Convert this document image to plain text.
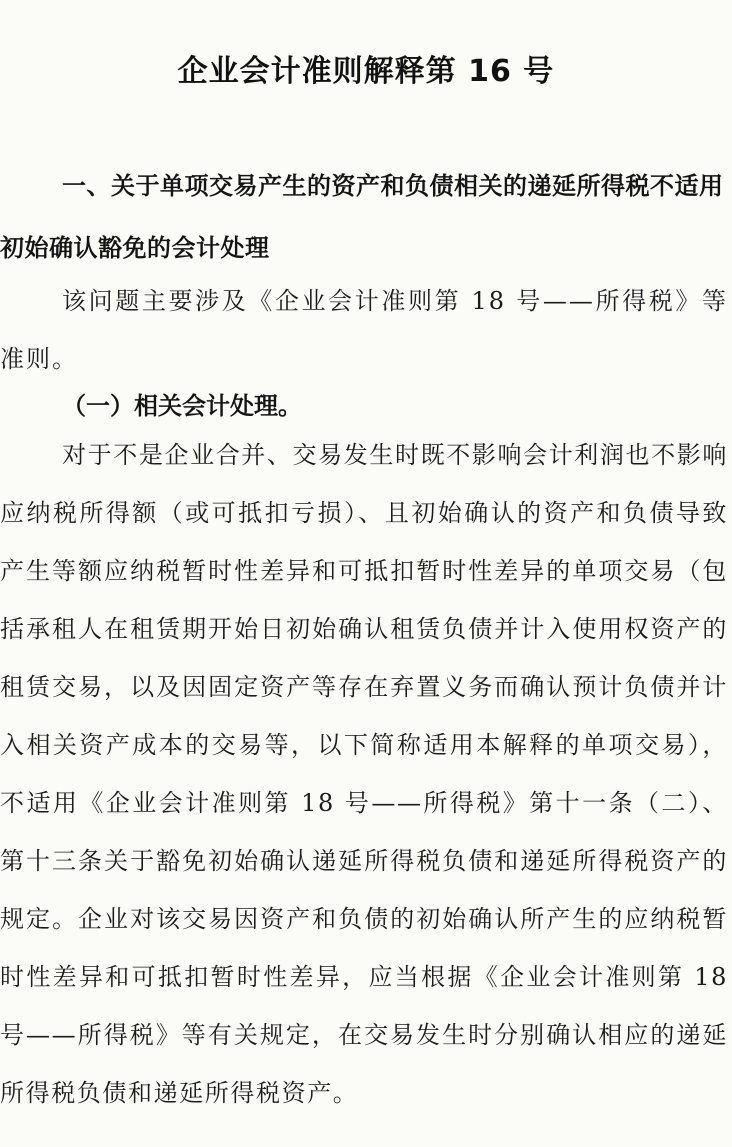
企业会计准则解释第 16 号
一、关于单项交易产生的资产和负债相关的递延所得税不适用初始确认豁免的会计处理
该问题主要涉及《企业会计准则第 18 号——所得税》等准则。
（一）相关会计处理。
对于不是企业合并、交易发生时既不影响会计利润也不影响应纳税所得额（或可抵扣亏损）、且初始确认的资产和负债导致产生等额应纳税暂时性差异和可抵扣暂时性差异的单项交易（包括承租人在租赁期开始日初始确认租赁负债并计入使用权资产的租赁交易，以及因固定资产等存在弃置义务而确认预计负债并计入相关资产成本的交易等，以下简称适用本解释的单项交易），不适用《企业会计准则第 18 号——所得税》第十一条（二）、第十三条关于豁免初始确认递延所得税负债和递延所得税资产的规定。企业对该交易因资产和负债的初始确认所产生的应纳税暂时性差异和可抵扣暂时性差异，应当根据《企业会计准则第 18 号——所得税》等有关规定，在交易发生时分别确认相应的递延所得税负债和递延所得税资产。
